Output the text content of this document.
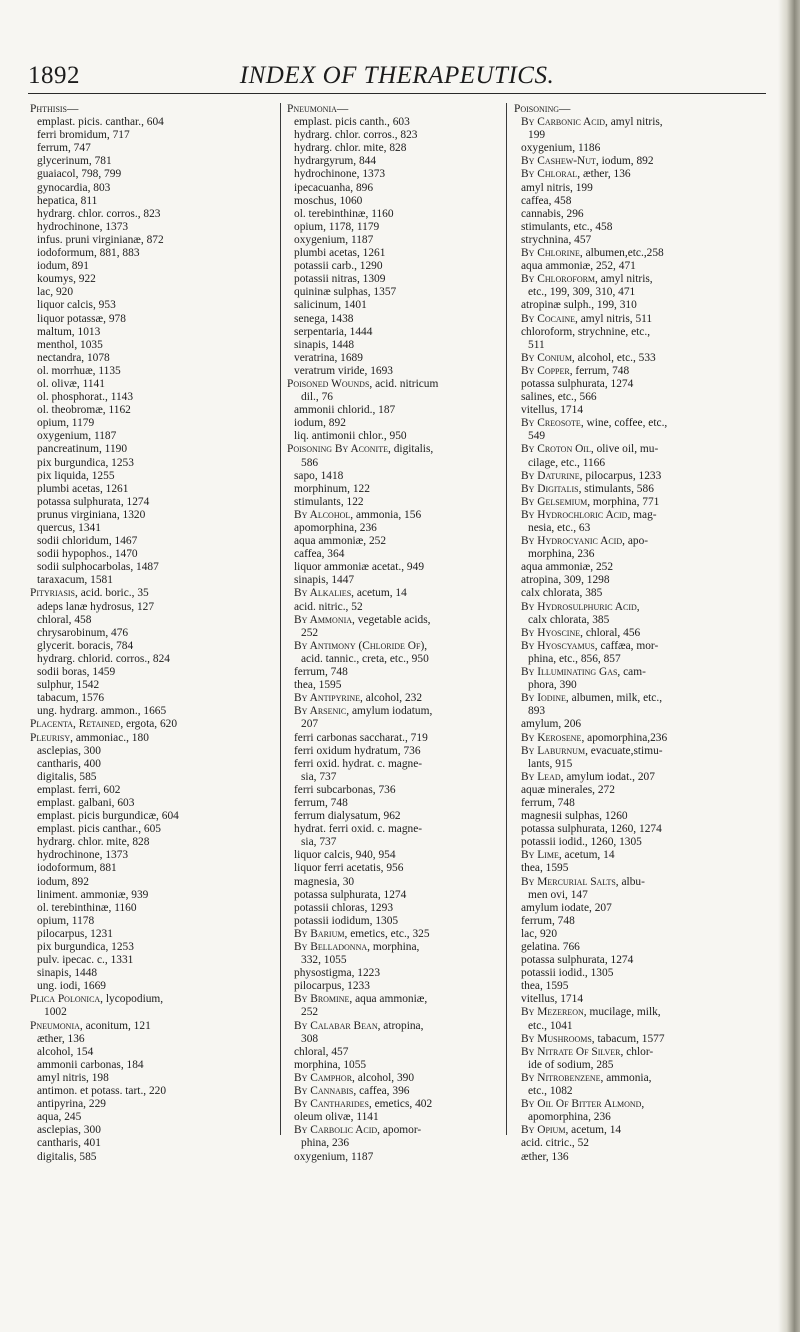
1892	INDEX OF THERAPEUTICS.
Phthisis—
emplast. picis. canthar., 604
ferri bromidum, 717
ferrum, 747
glycerinum, 781
guaiacol, 798, 799
gynocardia, 803
hepatica, 811
hydrarg. chlor. corros., 823
hydrochinone, 1373
infus. pruni virginianæ, 872
iodoformum, 881, 883
iodum, 891
koumys, 922
lac, 920
liquor calcis, 953
liquor potassæ, 978
maltum, 1013
menthol, 1035
nectandra, 1078
ol. morrhuæ, 1135
ol. olivæ, 1141
ol. phosphorat., 1143
ol. theobromæ, 1162
opium, 1179
oxygenium, 1187
pancreatinum, 1190
pix burgundica, 1253
pix liquida, 1255
plumbi acetas, 1261
potassa sulphurata, 1274
prunus virginiana, 1320
quercus, 1341
sodii chloridum, 1467
sodii hypophos., 1470
sodii sulphocarbolas, 1487
taraxacum, 1581
Pityriasis, acid. boric., 35
adeps lanæ hydrosus, 127
chloral, 458
chrysarobinum, 476
glycerit. boracis, 784
hydrarg. chlorid. corros., 824
sodii boras, 1459
sulphur, 1542
tabacum, 1576
ung. hydrarg. ammon., 1665
Placenta, Retained, ergota, 620
Pleurisy, ammoniac., 180
asclepias, 300
cantharis, 400
digitalis, 585
emplast. ferri, 602
emplast. galbani, 603
emplast. picis burgundicæ, 604
emplast. picis canthar., 605
hydrarg. chlor. mite, 828
hydrochinone, 1373
iodoformum, 881
iodum, 892
liniment. ammoniæ, 939
ol. terebinthinæ, 1160
opium, 1178
pilocarpus, 1231
pix burgundica, 1253
pulv. ipecac. c., 1331
sinapis, 1448
ung. iodi, 1669
Plica Polonica, lycopodium,
1002
Pneumonia, aconitum, 121
æther, 136
alcohol, 154
ammonii carbonas, 184
amyl nitris, 198
antimon. et potass. tart., 220
antipyrina, 229
aqua, 245
asclepias, 300
cantharis, 401
digitalis, 585
Pneumonia—
emplast. picis canth., 603
hydrarg. chlor. corros., 823
hydrarg. chlor. mite, 828
hydrargyrum, 844
hydrochinone, 1373
ipecacuanha, 896
moschus, 1060
ol. terebinthinæ, 1160
opium, 1178, 1179
oxygenium, 1187
plumbi acetas, 1261
potassii carb., 1290
potassii nitras, 1309
quininæ sulphas, 1357
salicinum, 1401
senega, 1438
serpentaria, 1444
sinapis, 1448
veratrina, 1689
veratrum viride, 1693
Poisoned Wounds, acid. nitricum
dil., 76
ammonii chlorid., 187
iodum, 892
liq. antimonii chlor., 950
Poisoning By Aconite, digitalis,
586
sapo, 1418
morphinum, 122
stimulants, 122
By Alcohol, ammonia, 156
apomorphina, 236
aqua ammoniæ, 252
caffea, 364
liquor ammoniæ acetat., 949
sinapis, 1447
By Alkalies, acetum, 14
acid. nitric., 52
By Ammonia, vegetable acids,
252
By Antimony (Chloride Of),
acid. tannic., creta, etc., 950
ferrum, 748
thea, 1595
By Antipyrine, alcohol, 232
By Arsenic, amylum iodatum,
207
ferri carbonas saccharat., 719
ferri oxidum hydratum, 736
ferri oxid. hydrat. c. magne-
sia, 737
ferri subcarbonas, 736
ferrum, 748
ferrum dialysatum, 962
hydrat. ferri oxid. c. magne-
sia, 737
liquor calcis, 940, 954
liquor ferri acetatis, 956
magnesia, 30
potassa sulphurata, 1274
potassii chloras, 1293
potassii iodidum, 1305
By Barium, emetics, etc., 325
By Belladonna, morphina,
332, 1055
physostigma, 1223
pilocarpus, 1233
By Bromine, aqua ammoniæ,
252
By Calabar Bean, atropina,
308
chloral, 457
morphina, 1055
By Camphor, alcohol, 390
By Cannabis, caffea, 396
By Cantharides, emetics, 402
oleum olivæ, 1141
By Carbolic Acid, apomor-
phina, 236
oxygenium, 1187
Poisoning—
By Carbonic Acid, amyl nitris,
199
oxygenium, 1186
By Cashew-Nut, iodum, 892
By Chloral, æther, 136
amyl nitris, 199
caffea, 458
cannabis, 296
stimulants, etc., 458
strychnina, 457
By Chlorine, albumen,etc.,258
aqua ammoniæ, 252, 471
By Chloroform, amyl nitris,
etc., 199, 309, 310, 471
atropinæ sulph., 199, 310
By Cocaine, amyl nitris, 511
chloroform, strychnine, etc.,
511
By Conium, alcohol, etc., 533
By Copper, ferrum, 748
potassa sulphurata, 1274
salines, etc., 566
vitellus, 1714
By Creosote, wine, coffee, etc.,
549
By Croton Oil, olive oil, mu-
cilage, etc., 1166
By Daturine, pilocarpus, 1233
By Digitalis, stimulants, 586
By Gelsemium, morphina, 771
By Hydrochloric Acid, mag-
nesia, etc., 63
By Hydrocyanic Acid, apo-
morphina, 236
aqua ammoniæ, 252
atropina, 309, 1298
calx chlorata, 385
By Hydrosulphuric Acid,
calx chlorata, 385
By Hyoscine, chloral, 456
By Hyoscyamus, caffæa, mor-
phina, etc., 856, 857
By Illuminating Gas, cam-
phora, 390
By Iodine, albumen, milk, etc.,
893
amylum, 206
By Kerosene, apomorphina,236
By Laburnum, evacuate,stimu-
lants, 915
By Lead, amylum iodat., 207
aquæ minerales, 272
ferrum, 748
magnesii sulphas, 1260
potassa sulphurata, 1260, 1274
potassii iodid., 1260, 1305
By Lime, acetum, 14
thea, 1595
By Mercurial Salts, albu-
men ovi, 147
amylum iodate, 207
ferrum, 748
lac, 920
gelatina. 766
potassa sulphurata, 1274
potassii iodid., 1305
thea, 1595
vitellus, 1714
By Mezereon, mucilage, milk,
etc., 1041
By Mushrooms, tabacum, 1577
By Nitrate Of Silver, chlor-
ide of sodium, 285
By Nitrobenzene, ammonia,
etc., 1082
By Oil Of Bitter Almond,
apomorphina, 236
By Opium, acetum, 14
acid. citric., 52
æther, 136
